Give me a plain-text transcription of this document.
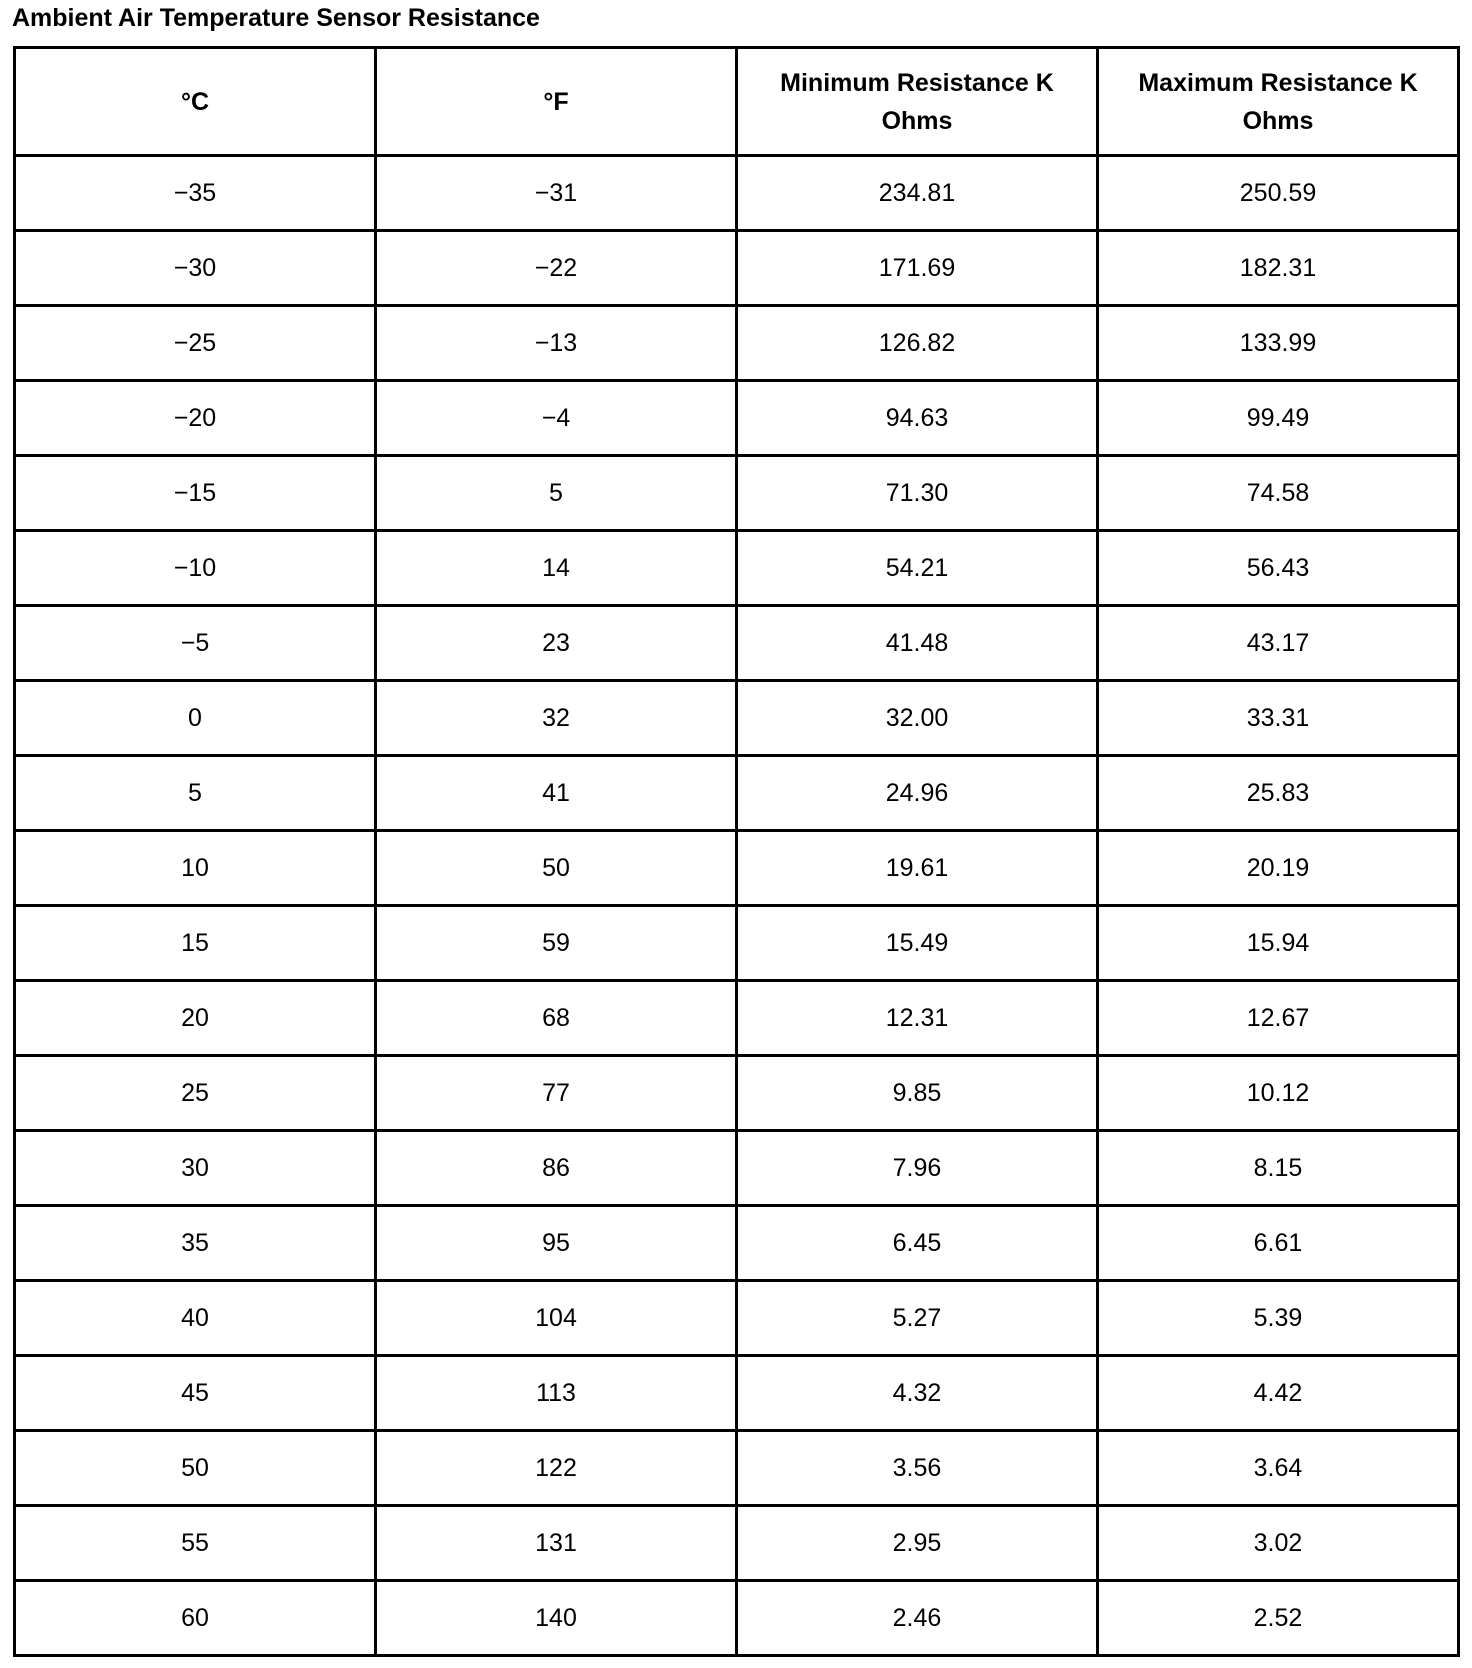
Ambient Air Temperature Sensor Resistance
°C	°F	Minimum Resistance K Ohms	Maximum Resistance K Ohms
−35	−31	234.81	250.59
−30	−22	171.69	182.31
−25	−13	126.82	133.99
−20	−4	94.63	99.49
−15	5	71.30	74.58
−10	14	54.21	56.43
−5	23	41.48	43.17
0	32	32.00	33.31
5	41	24.96	25.83
10	50	19.61	20.19
15	59	15.49	15.94
20	68	12.31	12.67
25	77	9.85	10.12
30	86	7.96	8.15
35	95	6.45	6.61
40	104	5.27	5.39
45	113	4.32	4.42
50	122	3.56	3.64
55	131	2.95	3.02
60	140	2.46	2.52
